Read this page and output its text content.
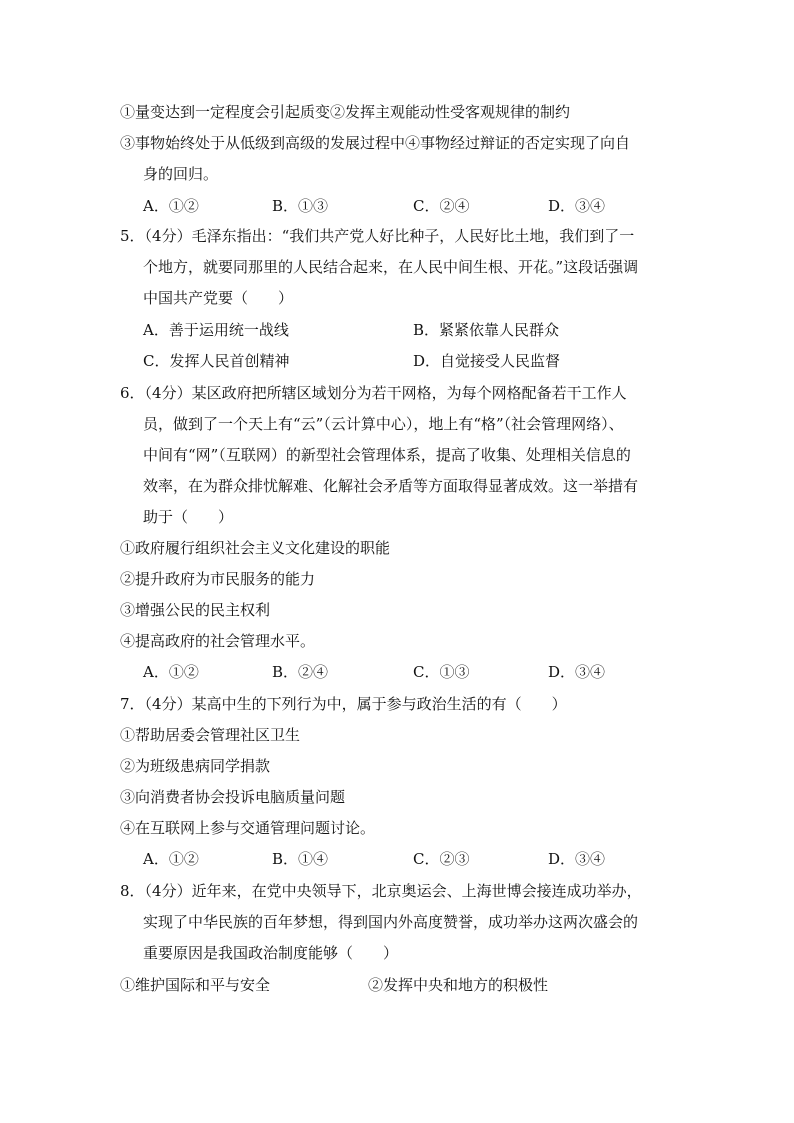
①量变达到一定程度会引起质变②发挥主观能动性受客观规律的制约
③事物始终处于从低级到高级的发展过程中④事物经过辩证的否定实现了向自
身的回归。
A．①②	B．①③	C．②④	D．③④
5．（4分）毛泽东指出：“我们共产党人好比种子，人民好比土地，我们到了一
个地方，就要同那里的人民结合起来，在人民中间生根、开花。”这段话强调
中国共产党要（　　）
A．善于运用统一战线	B．紧紧依靠人民群众
C．发挥人民首创精神	D．自觉接受人民监督
6．（4分）某区政府把所辖区域划分为若干网格，为每个网格配备若干工作人
员，做到了一个天上有“云”（云计算中心），地上有“格”（社会管理网络）、
中间有“网”（互联网）的新型社会管理体系，提高了收集、处理相关信息的
效率，在为群众排忧解难、化解社会矛盾等方面取得显著成效。这一举措有
助于（　　）
①政府履行组织社会主义文化建设的职能
②提升政府为市民服务的能力
③增强公民的民主权利
④提高政府的社会管理水平。
A．①②	B．②④	C．①③	D．③④
7．（4分）某高中生的下列行为中，属于参与政治生活的有（　　）
①帮助居委会管理社区卫生
②为班级患病同学捐款
③向消费者协会投诉电脑质量问题
④在互联网上参与交通管理问题讨论。
A．①②	B．①④	C．②③	D．③④
8．（4分）近年来，在党中央领导下，北京奥运会、上海世博会接连成功举办，
实现了中华民族的百年梦想，得到国内外高度赞誉，成功举办这两次盛会的
重要原因是我国政治制度能够（　　）
①维护国际和平与安全	②发挥中央和地方的积极性
